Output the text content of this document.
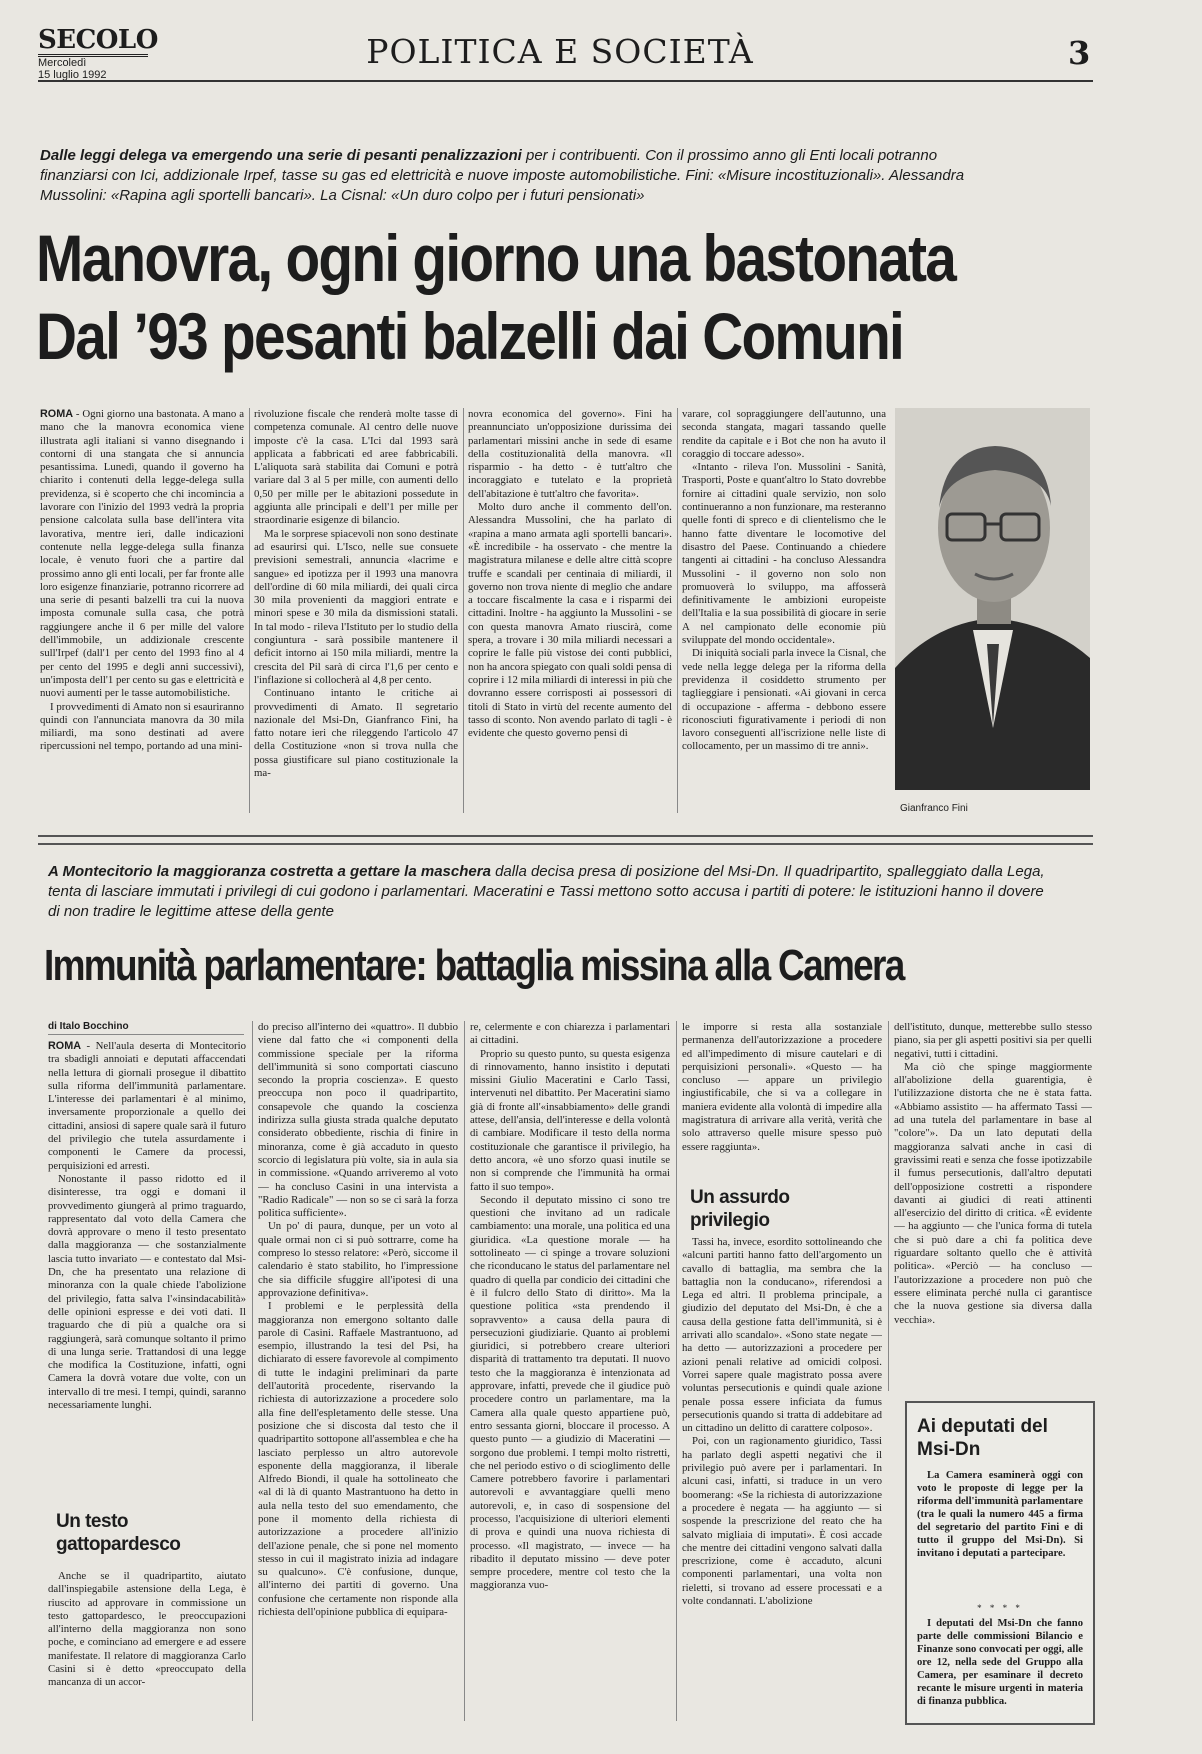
SECOLO
Mercoledì
15 luglio 1992
POLITICA E SOCIETÀ	3
Dalle leggi delega va emergendo una serie di pesanti penalizzazioni per i contribuenti. Con il prossimo anno gli Enti locali potranno finanziarsi con Ici, addizionale Irpef, tasse su gas ed elettricità e nuove imposte automobilistiche. Fini: «Misure incostituzionali». Alessandra Mussolini: «Rapina agli sportelli bancari». La Cisnal: «Un duro colpo per i futuri pensionati»
Manovra, ogni giorno una bastonata
Dal ’93 pesanti balzelli dai Comuni

ROMA - Ogni giorno una bastonata. A mano a mano che la manovra economica viene illustrata agli italiani si vanno disegnando i contorni di una stangata che si annuncia pesantissima. Lunedì, quando il governo ha chiarito i contenuti della legge-delega sulla previdenza, si è scoperto che chi incomincia a lavorare con l'inizio del 1993 vedrà la propria pensione calcolata sulla base dell'intera vita lavorativa, mentre ieri, dalle indicazioni contenute nella legge-delega sulla finanza locale, è venuto fuori che a partire dal prossimo anno gli enti locali, per far fronte alle loro esigenze finanziarie, potranno ricorrere ad una serie di pesanti balzelli tra cui la nuova imposta comunale sulla casa, che potrà raggiungere anche il 6 per mille del valore dell'immobile, un addizionale crescente sull'Irpef (dall'1 per cento del 1993 fino al 4 per cento del 1995 e degli anni successivi), un'imposta dell'1 per cento su gas e elettricità e nuovi aumenti per le tasse automobilistiche.

I provvedimenti di Amato non si esauriranno quindi con l'annunciata manovra da 30 mila miliardi, ma sono destinati ad avere ripercussioni nel tempo, portando ad una mini-

rivoluzione fiscale che renderà molte tasse di competenza comunale. Al centro delle nuove imposte c'è la casa. L'Ici dal 1993 sarà applicata a fabbricati ed aree fabbricabili. L'aliquota sarà stabilita dai Comuni e potrà variare dal 3 al 5 per mille, con aumenti dello 0,50 per mille per le abitazioni possedute in aggiunta alle principali e dell'1 per mille per straordinarie esigenze di bilancio.

Ma le sorprese spiacevoli non sono destinate ad esaurirsi qui. L'Isco, nelle sue consuete previsioni semestrali, annuncia «lacrime e sangue» ed ipotizza per il 1993 una manovra dell'ordine di 60 mila miliardi, dei quali circa 30 mila provenienti da maggiori entrate e minori spese e 30 mila da dismissioni statali. In tal modo - rileva l'Istituto per lo studio della congiuntura - sarà possibile mantenere il deficit intorno ai 150 mila miliardi, mentre la crescita del Pil sarà di circa l'1,6 per cento e l'inflazione si collocherà al 4,8 per cento.

Continuano intanto le critiche ai provvedimenti di Amato. Il segretario nazionale del Msi-Dn, Gianfranco Fini, ha fatto notare ieri che rileggendo l'articolo 47 della Costituzione «non si trova nulla che possa giustificare sul piano costituzionale la ma-

novra economica del governo». Fini ha preannunciato un'opposizione durissima dei parlamentari missini anche in sede di esame della costituzionalità della manovra. «Il risparmio - ha detto - è tutt'altro che incoraggiato e tutelato e la proprietà dell'abitazione è tutt'altro che favorita».

Molto duro anche il commento dell'on. Alessandra Mussolini, che ha parlato di «rapina a mano armata agli sportelli bancari». «È incredibile - ha osservato - che mentre la magistratura milanese e delle altre città scopre truffe e scandali per centinaia di miliardi, il governo non trova niente di meglio che andare a toccare fiscalmente la casa e i risparmi dei cittadini. Inoltre - ha aggiunto la Mussolini - se con questa manovra Amato riuscirà, come spera, a trovare i 30 mila miliardi necessari a coprire le falle più vistose dei conti pubblici, non ha ancora spiegato con quali soldi pensa di coprire i 12 mila miliardi di interessi in più che dovranno essere corrisposti ai possessori di titoli di Stato in virtù del recente aumento del tasso di sconto. Non avendo parlato di tagli - è evidente che questo governo pensi di

varare, col sopraggiungere dell'autunno, una seconda stangata, magari tassando quelle rendite da capitale e i Bot che non ha avuto il coraggio di toccare adesso».

«Intanto - rileva l'on. Mussolini - Sanità, Trasporti, Poste e quant'altro lo Stato dovrebbe fornire ai cittadini quale servizio, non solo continueranno a non funzionare, ma resteranno quelle fonti di spreco e di clientelismo che le hanno fatte diventare le locomotive del disastro del Paese. Continuando a chiedere tangenti ai cittadini - ha concluso Alessandra Mussolini - il governo non solo non promuoverà lo sviluppo, ma affosserà definitivamente le ambizioni europeiste dell'Italia e la sua possibilità di giocare in serie A nel campionato delle economie più sviluppate del mondo occidentale».

Di iniquità sociali parla invece la Cisnal, che vede nella legge delega per la riforma della previdenza il cosiddetto strumento per taglieggiare i pensionati. «Ai giovani in cerca di occupazione - afferma - debbono essere riconosciuti figurativamente i periodi di non lavoro conseguenti all'iscrizione nelle liste di collocamento, per un massimo di tre anni».

Gianfranco Fini
A Montecitorio la maggioranza costretta a gettare la maschera dalla decisa presa di posizione del Msi-Dn. Il quadripartito, spalleggiato dalla Lega, tenta di lasciare immutati i privilegi di cui godono i parlamentari. Maceratini e Tassi mettono sotto accusa i partiti di potere: le istituzioni hanno il dovere di non tradire le legittime attese della gente
Immunità parlamentare: battaglia missina alla Camera
di Italo Bocchino

ROMA - Nell'aula deserta di Montecitorio tra sbadigli annoiati e deputati affaccendati nella lettura di giornali prosegue il dibattito sulla riforma dell'immunità parlamentare. L'interesse dei parlamentari è al minimo, inversamente proporzionale a quello dei cittadini, ansiosi di sapere quale sarà il futuro del privilegio che tutela assurdamente i componenti le Camere da processi, perquisizioni ed arresti.

Nonostante il passo ridotto ed il disinteresse, tra oggi e domani il provvedimento giungerà al primo traguardo, rappresentato dal voto della Camera che dovrà approvare o meno il testo presentato dalla maggioranza — che sostanzialmente lascia tutto invariato — e contestato dal Msi-Dn, che ha presentato una relazione di minoranza con la quale chiede l'abolizione del privilegio, fatta salva l'«insindacabilità» delle opinioni espresse e dei voti dati. Il traguardo che di più a qualche ora si raggiungerà, sarà comunque soltanto il primo di una lunga serie. Trattandosi di una legge che modifica la Costituzione, infatti, ogni Camera la dovrà votare due volte, con un intervallo di tre mesi. I tempi, quindi, saranno necessariamente lunghi.

Un testo gattopardesco

Anche se il quadripartito, aiutato dall'inspiegabile astensione della Lega, è riuscito ad approvare in commissione un testo gattopardesco, le preoccupazioni all'interno della maggioranza non sono poche, e cominciano ad emergere e ad essere manifestate. Il relatore di maggioranza Carlo Casini si è detto «preoccupato della mancanza di un accor-

do preciso all'interno dei «quattro». Il dubbio viene dal fatto che «i componenti della commissione speciale per la riforma dell'immunità si sono comportati ciascuno secondo la propria coscienza». E questo preoccupa non poco il quadripartito, consapevole che quando la coscienza indirizza sulla giusta strada qualche deputato considerato obbediente, rischia di finire in minoranza, come è già accaduto in questo scorcio di legislatura più volte, sia in aula sia in commissione. «Quando arriveremo al voto — ha concluso Casini in una intervista a "Radio Radicale" — non so se ci sarà la forza politica sufficiente».

Un po' di paura, dunque, per un voto al quale ormai non ci si può sottrarre, come ha compreso lo stesso relatore: «Però, siccome il calendario è stato stabilito, ho l'impressione che sia difficile sfuggire all'ipotesi di una approvazione definitiva».

I problemi e le perplessità della maggioranza non emergono soltanto dalle parole di Casini. Raffaele Mastrantuono, ad esempio, illustrando la tesi del Psi, ha dichiarato di essere favorevole al compimento di tutte le indagini preliminari da parte dell'autorità procedente, riservando la richiesta di autorizzazione a procedere solo alla fine dell'espletamento delle stesse. Una posizione che si discosta dal testo che il quadripartito sottopone all'assemblea e che ha lasciato perplesso un altro autorevole esponente della maggioranza, il liberale Alfredo Biondi, il quale ha sottolineato che «al di là di quanto Mastrantuono ha detto in aula nella testo del suo emendamento, che pone il momento della richiesta di autorizzazione a procedere all'inizio dell'azione penale, che si pone nel momento stesso in cui il magistrato inizia ad indagare su qualcuno». C'è confusione, dunque, all'interno dei partiti di governo. Una confusione che certamente non risponde alla richiesta dell'opinione pubblica di equipara-

re, celermente e con chiarezza i parlamentari ai cittadini.

Proprio su questo punto, su questa esigenza di rinnovamento, hanno insistito i deputati missini Giulio Maceratini e Carlo Tassi, intervenuti nel dibattito. Per Maceratini siamo già di fronte all'«insabbiamento» delle grandi attese, dell'ansia, dell'interesse e della volontà di cambiare. Modificare il testo della norma costituzionale che garantisce il privilegio, ha detto ancora, «è uno sforzo quasi inutile se non si comprende che l'immunità ha ormai fatto il suo tempo».

Secondo il deputato missino ci sono tre questioni che invitano ad un radicale cambiamento: una morale, una politica ed una giuridica. «La questione morale — ha sottolineato — ci spinge a trovare soluzioni che riconducano le status del parlamentare nel quadro di quella par condicio dei cittadini che è il fulcro dello Stato di diritto». Ma la questione politica «sta prendendo il sopravvento» a causa della paura di persecuzioni giudiziarie. Quanto ai problemi giuridici, si potrebbero creare ulteriori disparità di trattamento tra deputati. Il nuovo testo che la maggioranza è intenzionata ad approvare, infatti, prevede che il giudice può procedere contro un parlamentare, ma la Camera alla quale questo appartiene può, entro sessanta giorni, bloccare il processo. A questo punto — a giudizio di Maceratini — sorgono due problemi. I tempi molto ristretti, che nel periodo estivo o di scioglimento delle Camere potrebbero favorire i parlamentari autorevoli e avvantaggiare quelli meno autorevoli, e, in caso di sospensione del processo, l'acquisizione di ulteriori elementi di prova e quindi una nuova richiesta di processo. «Il magistrato, — invece — ha ribadito il deputato missino — deve poter sempre procedere, mentre col testo che la maggioranza vuo-

le imporre si resta alla sostanziale permanenza dell'autorizzazione a procedere ed all'impedimento di misure cautelari e di perquisizioni personali». «Questo — ha concluso — appare un privilegio ingiustificabile, che si va a collegare in maniera evidente alla volontà di impedire alla magistratura di arrivare alla verità, verità che solo attraverso quelle misure spesso può essere raggiunta».

Un assurdo privilegio

Tassi ha, invece, esordito sottolineando che «alcuni partiti hanno fatto dell'argomento un cavallo di battaglia, ma sembra che la battaglia non la conducano», riferendosi a Lega ed altri. Il problema principale, a giudizio del deputato del Msi-Dn, è che a causa della gestione fatta dell'immunità, si è arrivati allo scandalo». «Sono state negate — ha detto — autorizzazioni a procedere per azioni penali relative ad omicidi colposi. Vorrei sapere quale magistrato possa avere voluntas persecutionis e quindi quale azione penale possa essere inficiata da fumus persecutionis quando si tratta di addebitare ad un cittadino un delitto di carattere colposo».

Poi, con un ragionamento giuridico, Tassi ha parlato degli aspetti negativi che il privilegio può avere per i parlamentari. In alcuni casi, infatti, si traduce in un vero boomerang: «Se la richiesta di autorizzazione a procedere è negata — ha aggiunto — si sospende la prescrizione del reato che ha salvato migliaia di imputati». È così accade che mentre dei cittadini vengono salvati dalla prescrizione, come è accaduto, alcuni componenti parlamentari, una volta non rieletti, si trovano ad essere processati e a volte condannati. L'abolizione

dell'istituto, dunque, metterebbe sullo stesso piano, sia per gli aspetti positivi sia per quelli negativi, tutti i cittadini.

Ma ciò che spinge maggiormente all'abolizione della guarentigia, è l'utilizzazione distorta che ne è stata fatta. «Abbiamo assistito — ha affermato Tassi — ad una tutela del parlamentare in base al "colore"». Da un lato deputati della maggioranza salvati anche in casi di gravissimi reati e senza che fosse ipotizzabile il fumus persecutionis, dall'altro deputati dell'opposizione costretti a rispondere davanti ai giudici di reati attinenti all'esercizio del diritto di critica. «È evidente — ha aggiunto — che l'unica forma di tutela che si può dare a chi fa politica deve riguardare soltanto quello che è attività politica». «Perciò — ha concluso — l'autorizzazione a procedere non può che essere eliminata perché nulla ci garantisce che la nuova gestione sia diversa dalla vecchia».

Ai deputati del Msi-Dn

La Camera esaminerà oggi con voto le proposte di legge per la riforma dell'immunità parlamentare (tra le quali la numero 445 a firma del segretario del partito Fini e di tutto il gruppo del Msi-Dn). Si invitano i deputati a partecipare.

* * * *

I deputati del Msi-Dn che fanno parte delle commissioni Bilancio e Finanze sono convocati per oggi, alle ore 12, nella sede del Gruppo alla Camera, per esaminare il decreto recante le misure urgenti in materia di finanza pubblica.
